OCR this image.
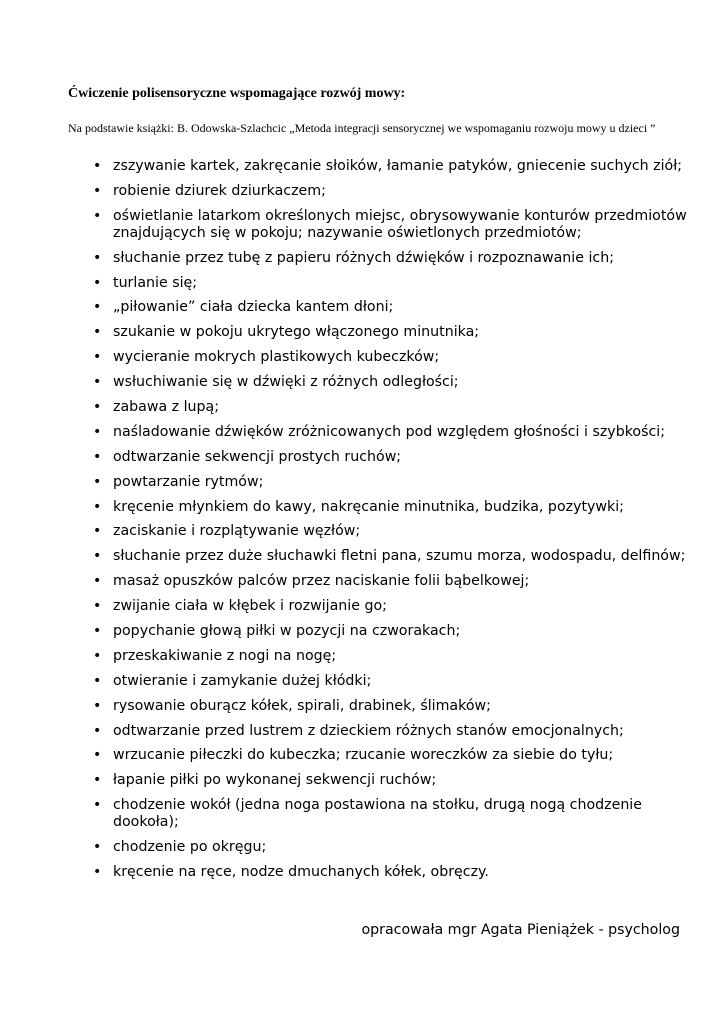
Ćwiczenie polisensoryczne wspomagające rozwój mowy:
Na podstawie książki: B. Odowska-Szlachcic „Metoda integracji sensorycznej we wspomaganiu rozwoju mowy u dzieci ”
• zszywanie kartek, zakręcanie słoików, łamanie patyków, gniecenie suchych ziół;
• robienie dziurek dziurkaczem;
• oświetlanie latarkom określonych miejsc, obrysowywanie konturów przedmiotów znajdujących się w pokoju; nazywanie oświetlonych przedmiotów;
• słuchanie przez tubę z papieru różnych dźwięków i rozpoznawanie ich;
• turlanie się;
• „piłowanie” ciała dziecka kantem dłoni;
• szukanie w pokoju ukrytego włączonego minutnika;
• wycieranie mokrych plastikowych kubeczków;
• wsłuchiwanie się w dźwięki z różnych odległości;
• zabawa z lupą;
• naśladowanie dźwięków zróżnicowanych pod względem głośności i szybkości;
• odtwarzanie sekwencji prostych ruchów;
• powtarzanie rytmów;
• kręcenie młynkiem do kawy, nakręcanie minutnika, budzika, pozytywki;
• zaciskanie i rozplątywanie węzłów;
• słuchanie przez duże słuchawki fletni pana, szumu morza, wodospadu, delfinów;
• masaż opuszków palców przez naciskanie folii bąbelkowej;
• zwijanie ciała w kłębek i rozwijanie go;
• popychanie głową piłki w pozycji na czworakach;
• przeskakiwanie z nogi na nogę;
• otwieranie i zamykanie dużej kłódki;
• rysowanie oburącz kółek, spirali, drabinek, ślimaków;
• odtwarzanie przed lustrem z dzieckiem różnych stanów emocjonalnych;
• wrzucanie piłeczki do kubeczka; rzucanie woreczków za siebie do tyłu;
• łapanie piłki po wykonanej sekwencji ruchów;
• chodzenie wokół (jedna noga postawiona na stołku, drugą nogą chodzenie dookoła);
• chodzenie po okręgu;
• kręcenie na ręce, nodze dmuchanych kółek, obręczy.
opracowała mgr Agata Pieniążek - psycholog
